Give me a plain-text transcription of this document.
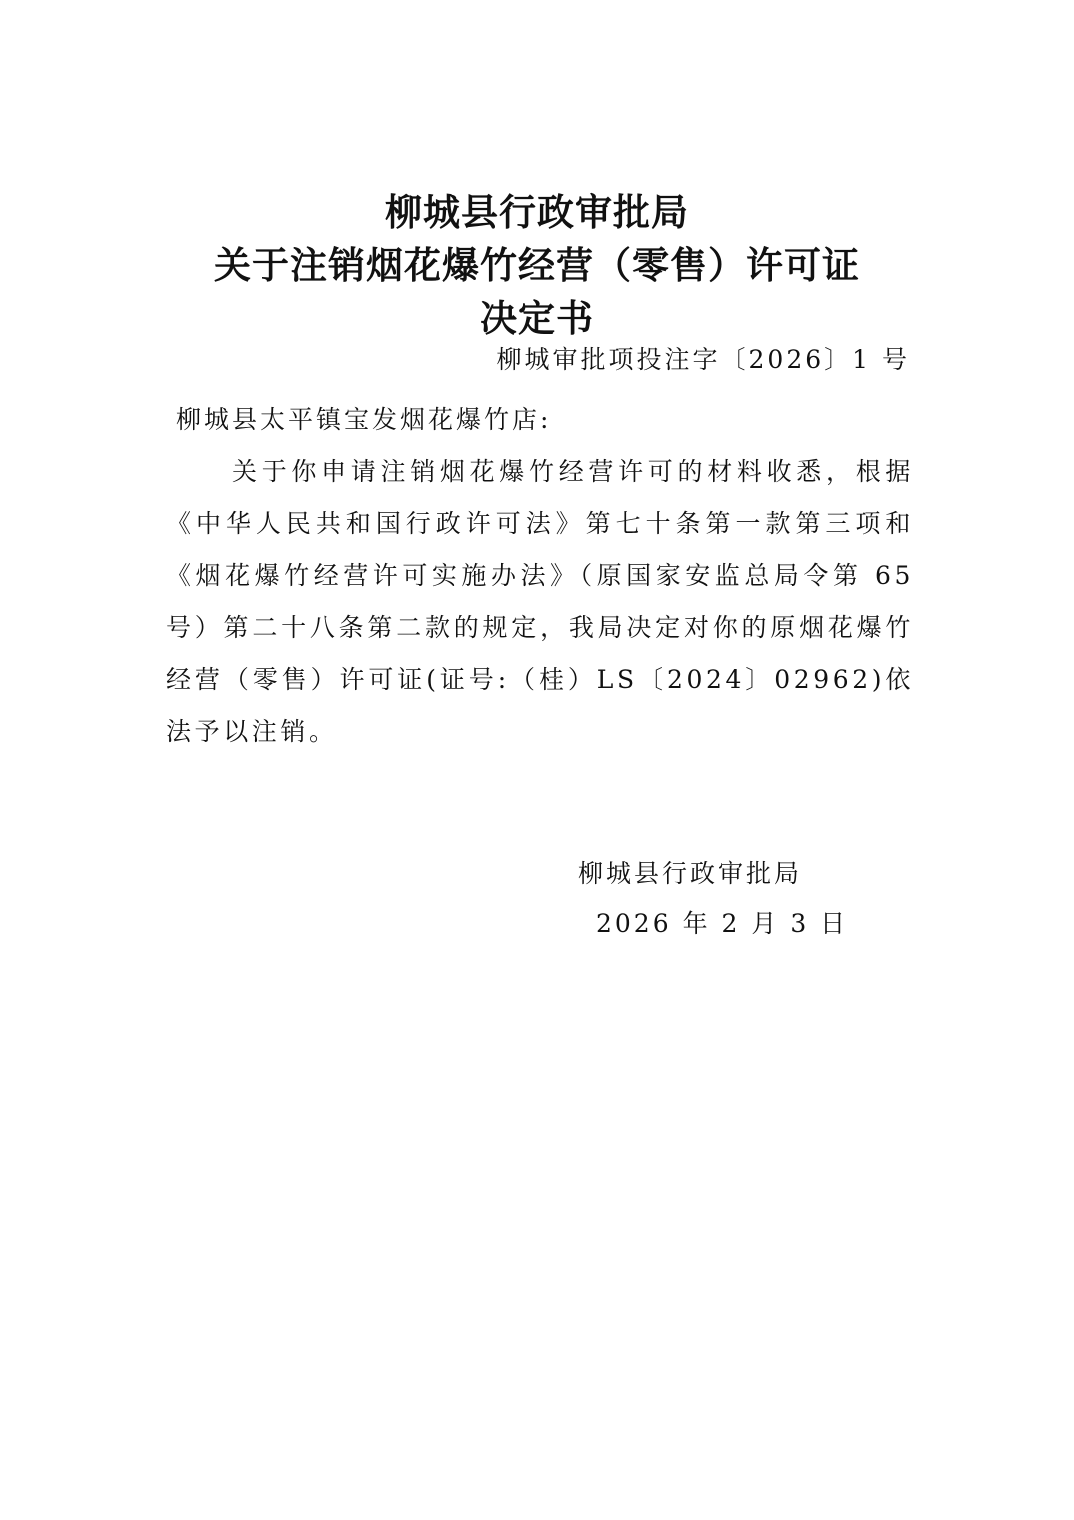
柳城县行政审批局
关于注销烟花爆竹经营（零售）许可证
决定书
柳城审批项投注字〔2026〕1 号
柳城县太平镇宝发烟花爆竹店:

关于你申请注销烟花爆竹经营许可的材料收悉，根据《中华人民共和国行政许可法》第七十条第一款第三项和《烟花爆竹经营许可实施办法》（原国家安监总局令第 65 号）第二十八条第二款的规定，我局决定对你的原烟花爆竹经营（零售）许可证(证号:（桂）LS〔2024〕02962)依法予以注销。

柳城县行政审批局
2026 年 2 月 3 日
